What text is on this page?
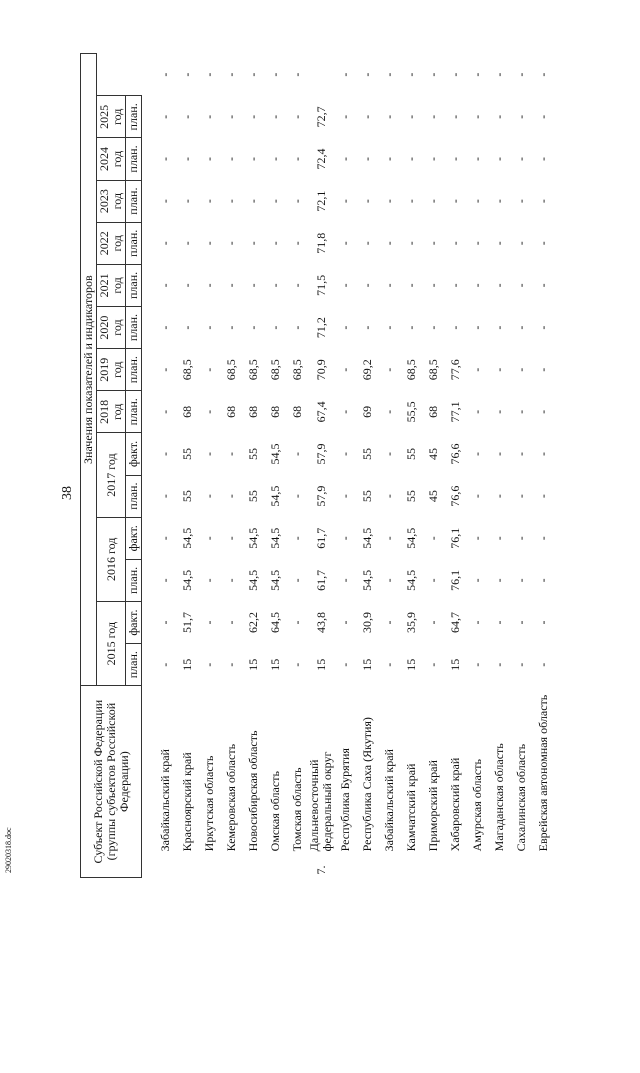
38
Субъект Российской Федерации (группы субъектов Российской Федерации)		Значения показателей и индикаторов														
		2015 год		2016 год		2017 год		2018 год	2019 год	2020 год	2021 год	2022 год	2023 год	2024 год	2025 год	
		план.	факт.	план.	факт.	план.	факт.	план.	план.	план.	план.	план.	план.	план.	план.	

	Забайкальский край	-	-	-	-	-	-	-	-	-	-	-	-	-	-	-
	Красноярский край	15	51,7	54,5	54,5	55	55	68	68,5	-	-	-	-	-	-	-
	Иркутская область	-	-	-	-	-	-	-	-	-	-	-	-	-	-	-
	Кемеровская область	-	-	-	-	-	-	68	68,5	-	-	-	-	-	-	-
	Новосибирская область	15	62,2	54,5	54,5	55	55	68	68,5	-	-	-	-	-	-	-
	Омская область	15	64,5	54,5	54,5	54,5	54,5	68	68,5	-	-	-	-	-	-	-
	Томская область	-	-	-	-	-	-	68	68,5	-	-	-	-	-	-	-
7.	Дальневосточный федеральный округ	15	43,8	61,7	61,7	57,9	57,9	67,4	70,9	71,2	71,5	71,8	72,1	72,4	72,7	
	Республика Бурятия	-	-	-	-	-	-	-	-	-	-	-	-	-	-	-
	Республика Саха (Якутия)	15	30,9	54,5	54,5	55	55	69	69,2	-	-	-	-	-	-	-
	Забайкальский край	-	-	-	-	-	-	-	-	-	-	-	-	-	-	-
	Камчатский край	15	35,9	54,5	54,5	55	55	55,5	68,5	-	-	-	-	-	-	-
	Приморский край	-	-	-	-	45	45	68	68,5	-	-	-	-	-	-	-
	Хабаровский край	15	64,7	76,1	76,1	76,6	76,6	77,1	77,6	-	-	-	-	-	-	-
	Амурская область	-	-	-	-	-	-	-	-	-	-	-	-	-	-	-
	Магаданская область	-	-	-	-	-	-	-	-	-	-	-	-	-	-	-
	Сахалинская область	-	-	-	-	-	-	-	-	-	-	-	-	-	-	-
	Еврейская автономная область	-	-	-	-	-	-	-	-	-	-	-	-	-	-	-
29020318.doc
